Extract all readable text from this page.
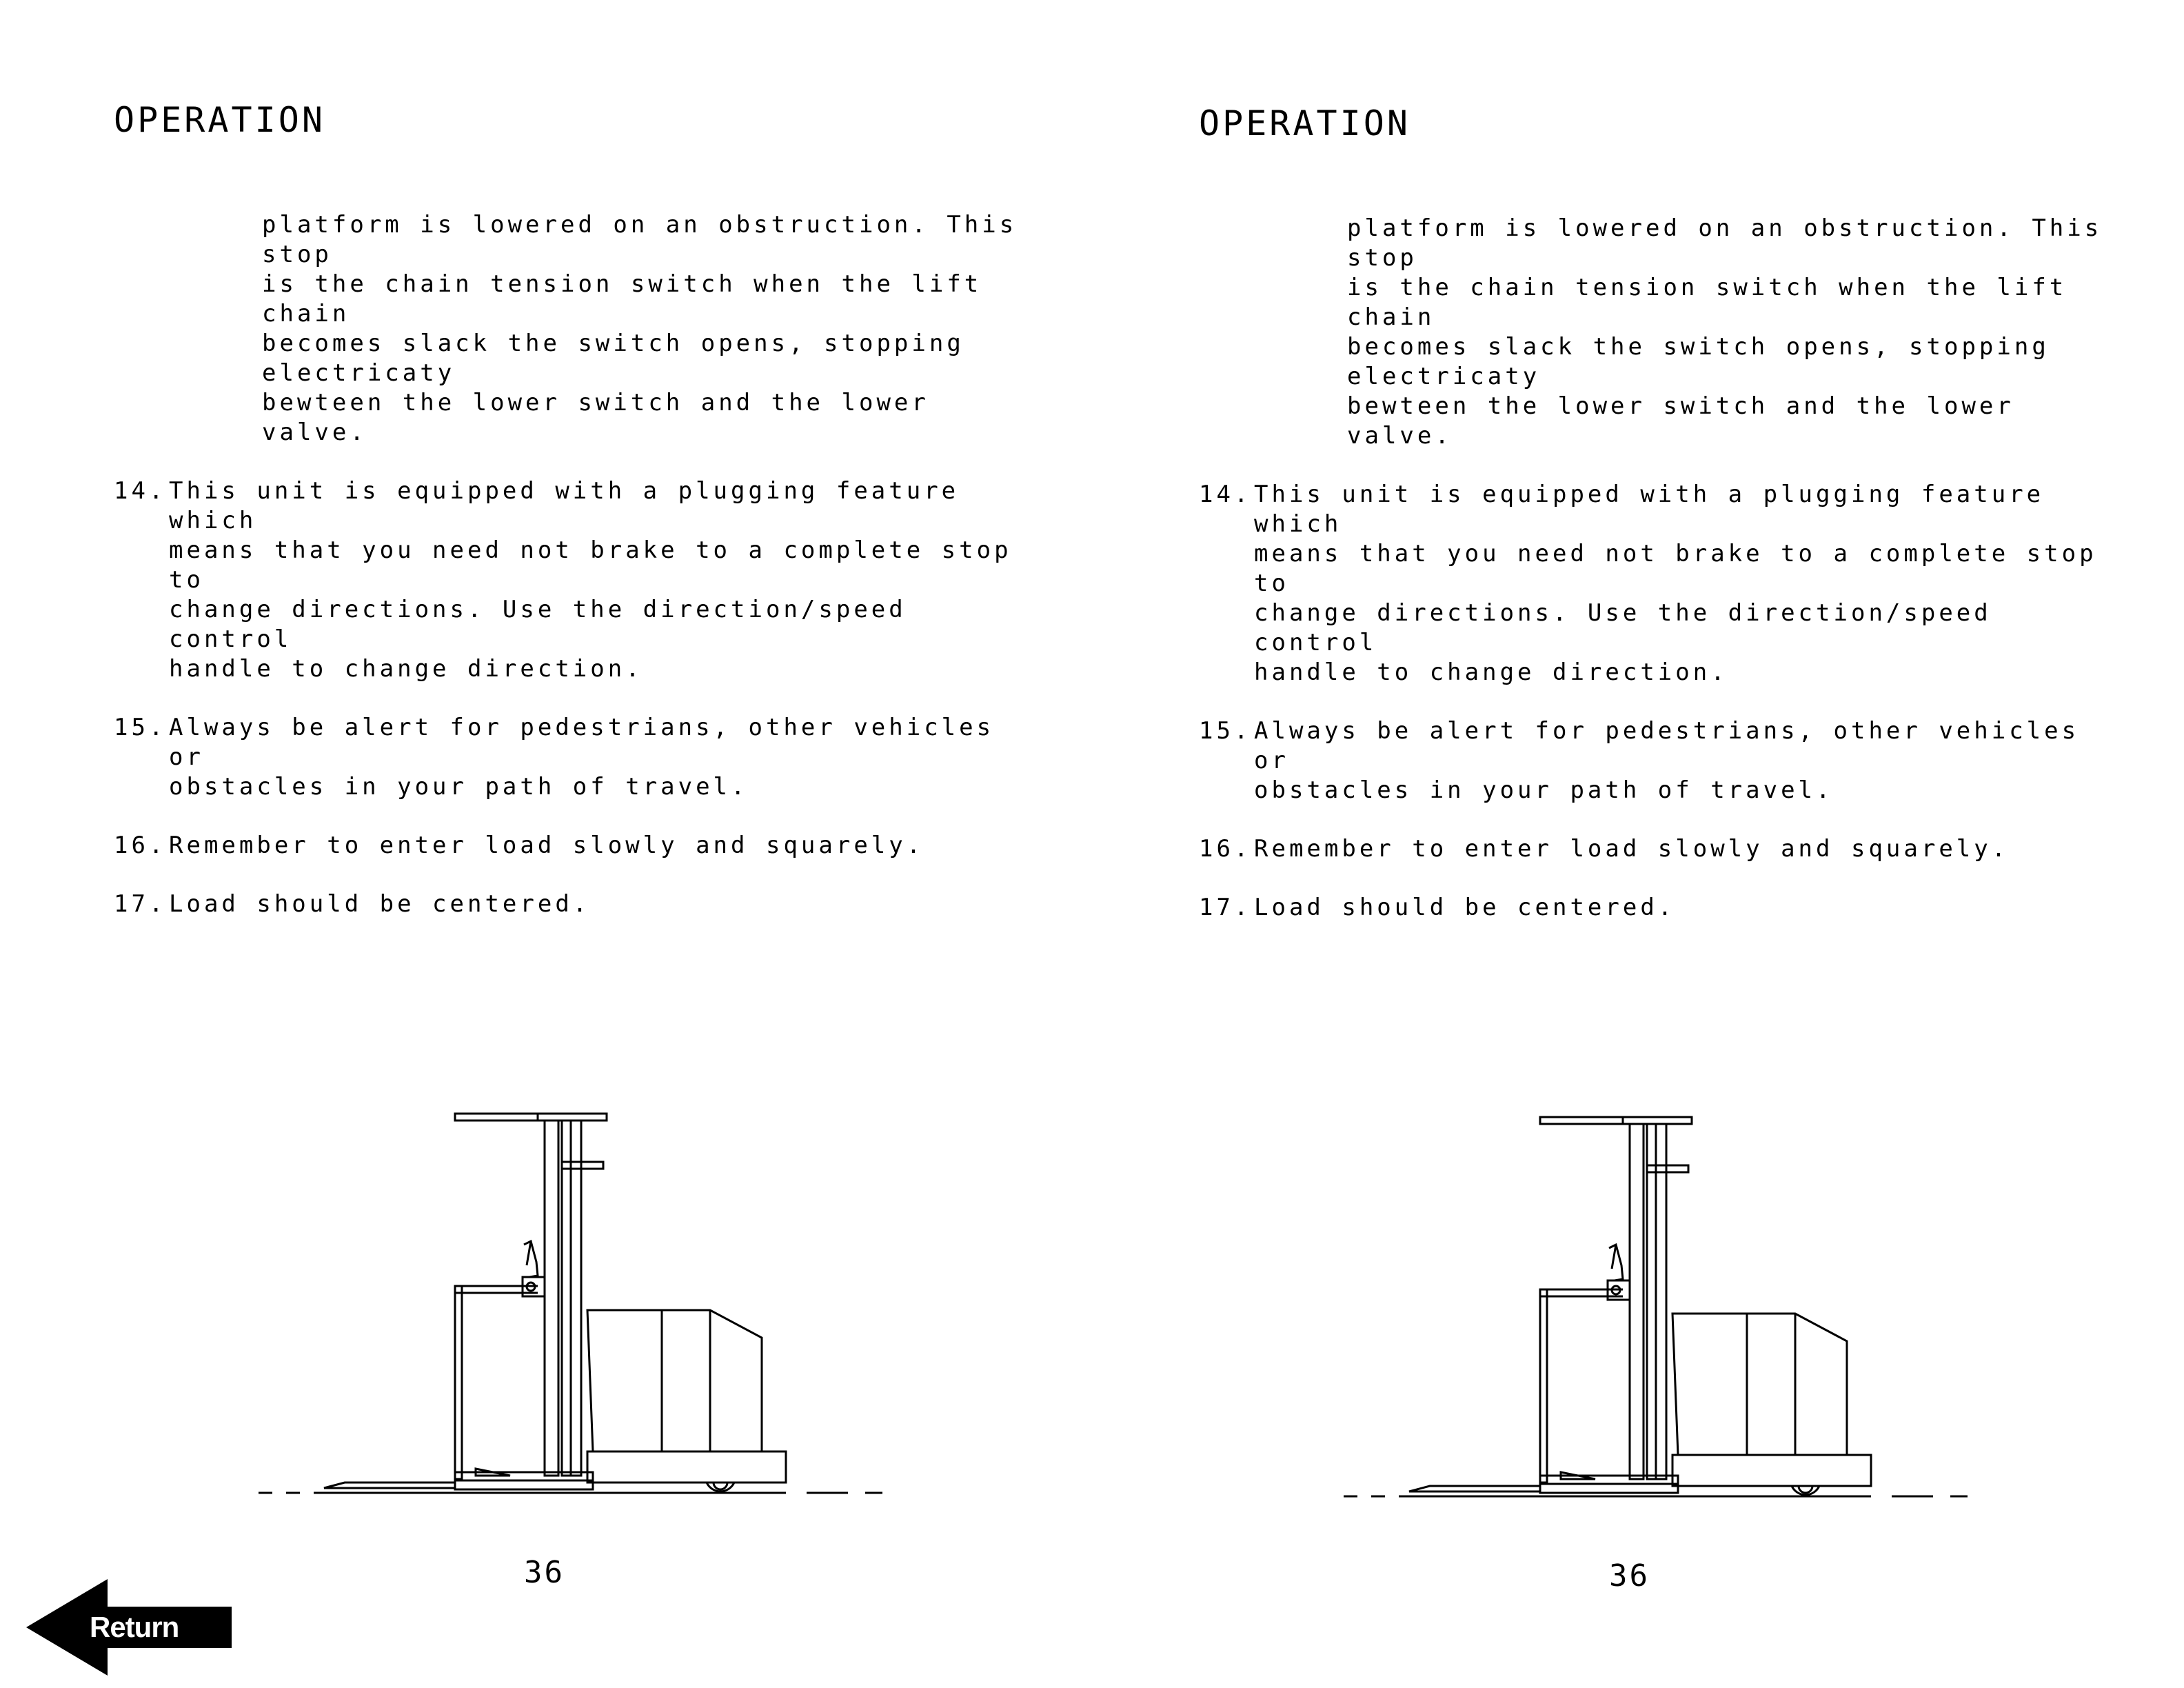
OPERATION
platform is lowered on an obstruction. This stop
is the chain tension switch when the lift chain
becomes slack the switch opens, stopping electricaty
bewteen the lower switch and the lower valve.
14. This unit is equipped with a plugging feature which
means that you need not brake to a complete stop to
change directions. Use the direction/speed control
handle to change direction.
15. Always be alert for pedestrians, other vehicles or
obstacles in your path of travel.
16. Remember to enter load slowly and squarely.
17. Load should be centered.
36
Return
OPERATION
platform is lowered on an obstruction. This stop
is the chain tension switch when the lift chain
becomes slack the switch opens, stopping electricaty
bewteen the lower switch and the lower valve.
14. This unit is equipped with a plugging feature which
means that you need not brake to a complete stop to
change directions. Use the direction/speed control
handle to change direction.
15. Always be alert for pedestrians, other vehicles or
obstacles in your path of travel.
16. Remember to enter load slowly and squarely.
17. Load should be centered.
36
